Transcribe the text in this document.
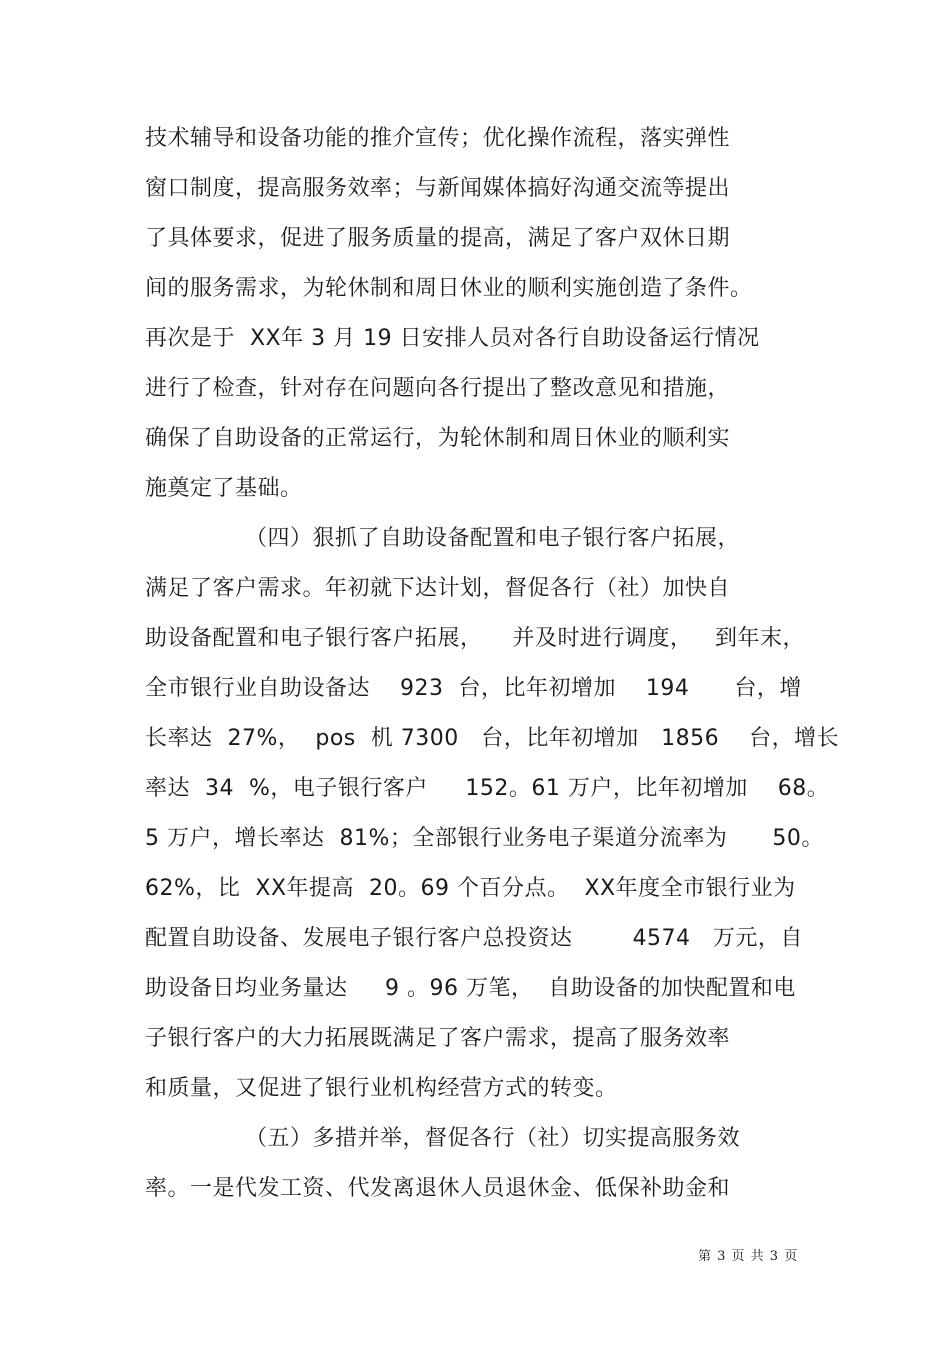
技术辅导和设备功能的推介宣传；优化操作流程，落实弹性
窗口制度，提高服务效率；与新闻媒体搞好沟通交流等提出
了具体要求，促进了服务质量的提高，满足了客户双休日期
间的服务需求，为轮休制和周日休业的顺利实施创造了条件。
再次是于  XX年 3 月 19 日安排人员对各行自助设备运行情况
进行了检查，针对存在问题向各行提出了整改意见和措施，
确保了自助设备的正常运行，为轮休制和周日休业的顺利实
施奠定了基础。
（四）狠抓了自助设备配置和电子银行客户拓展，
满足了客户需求。年初就下达计划，督促各行（社）加快自
助设备配置和电子银行客户拓展，    并及时进行调度，   到年末，
全市银行业自助设备达    923  台，比年初增加    194      台，增
长率达  27%，  pos  机 7300   台，比年初增加   1856    台，增长
率达  34  %，电子银行客户     152。61 万户，比年初增加    68。
5 万户，增长率达  81%；全部银行业务电子渠道分流率为      50。
62%，比  XX年提高  20。69 个百分点。  XX年度全市银行业为
配置自助设备、发展电子银行客户总投资达        4574   万元，自
助设备日均业务量达     9 。96 万笔，  自助设备的加快配置和电
子银行客户的大力拓展既满足了客户需求，提高了服务效率
和质量，又促进了银行业机构经营方式的转变。
（五）多措并举，督促各行（社）切实提高服务效
率。一是代发工资、代发离退休人员退休金、低保补助金和
第 3 页 共 3 页
